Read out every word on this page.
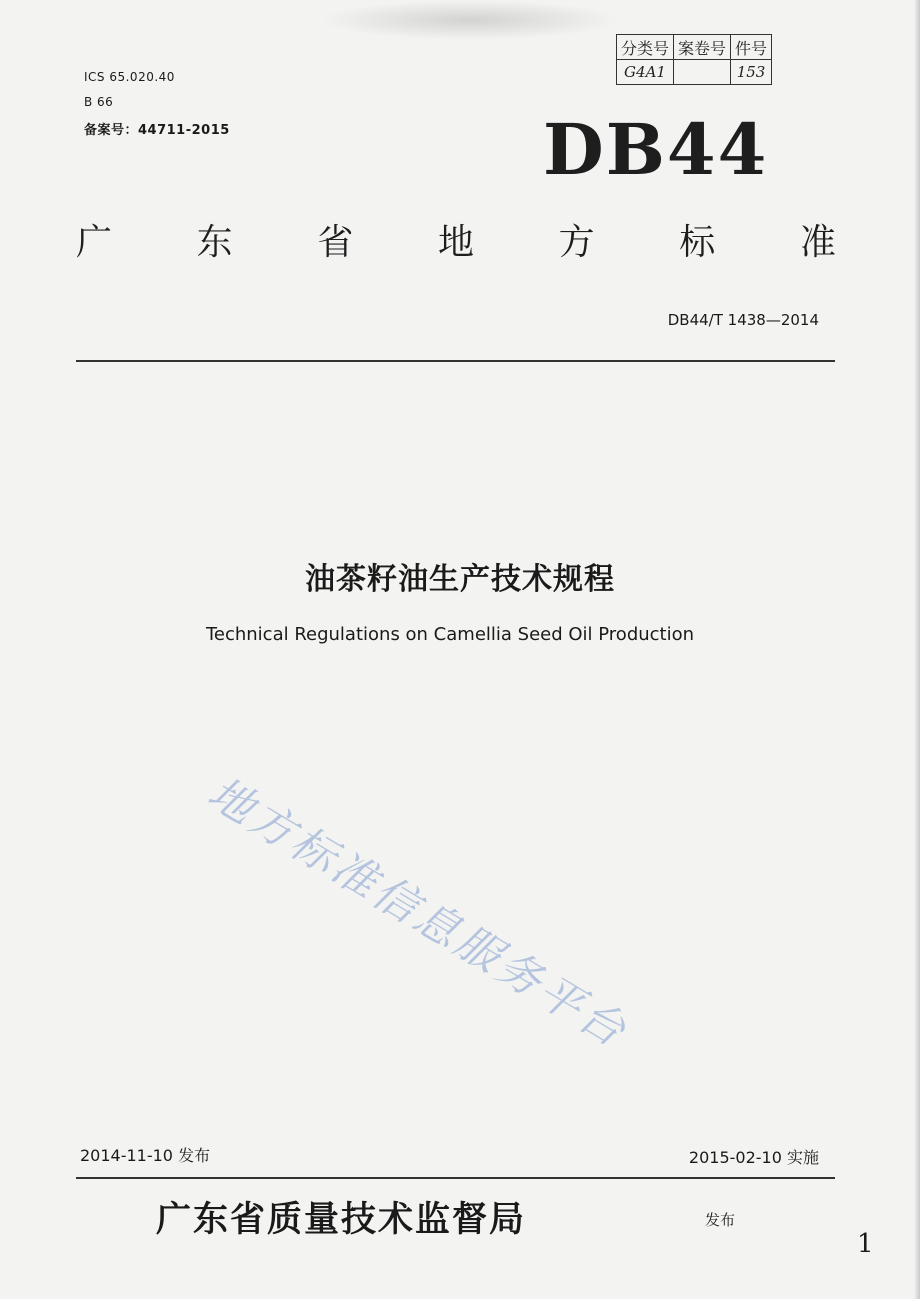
ICS 65.020.40
B 66
备案号：44711-2015
分类号	案卷号	件号
G4A1		153
DB44
广 东 省 地 方 标 准
DB44/T 1438—2014
油茶籽油生产技术规程
Technical Regulations on Camellia Seed Oil Production
地方标准信息服务平台
2014-11-10 发布	2015-02-10 实施
广东省质量技术监督局	发布
1
